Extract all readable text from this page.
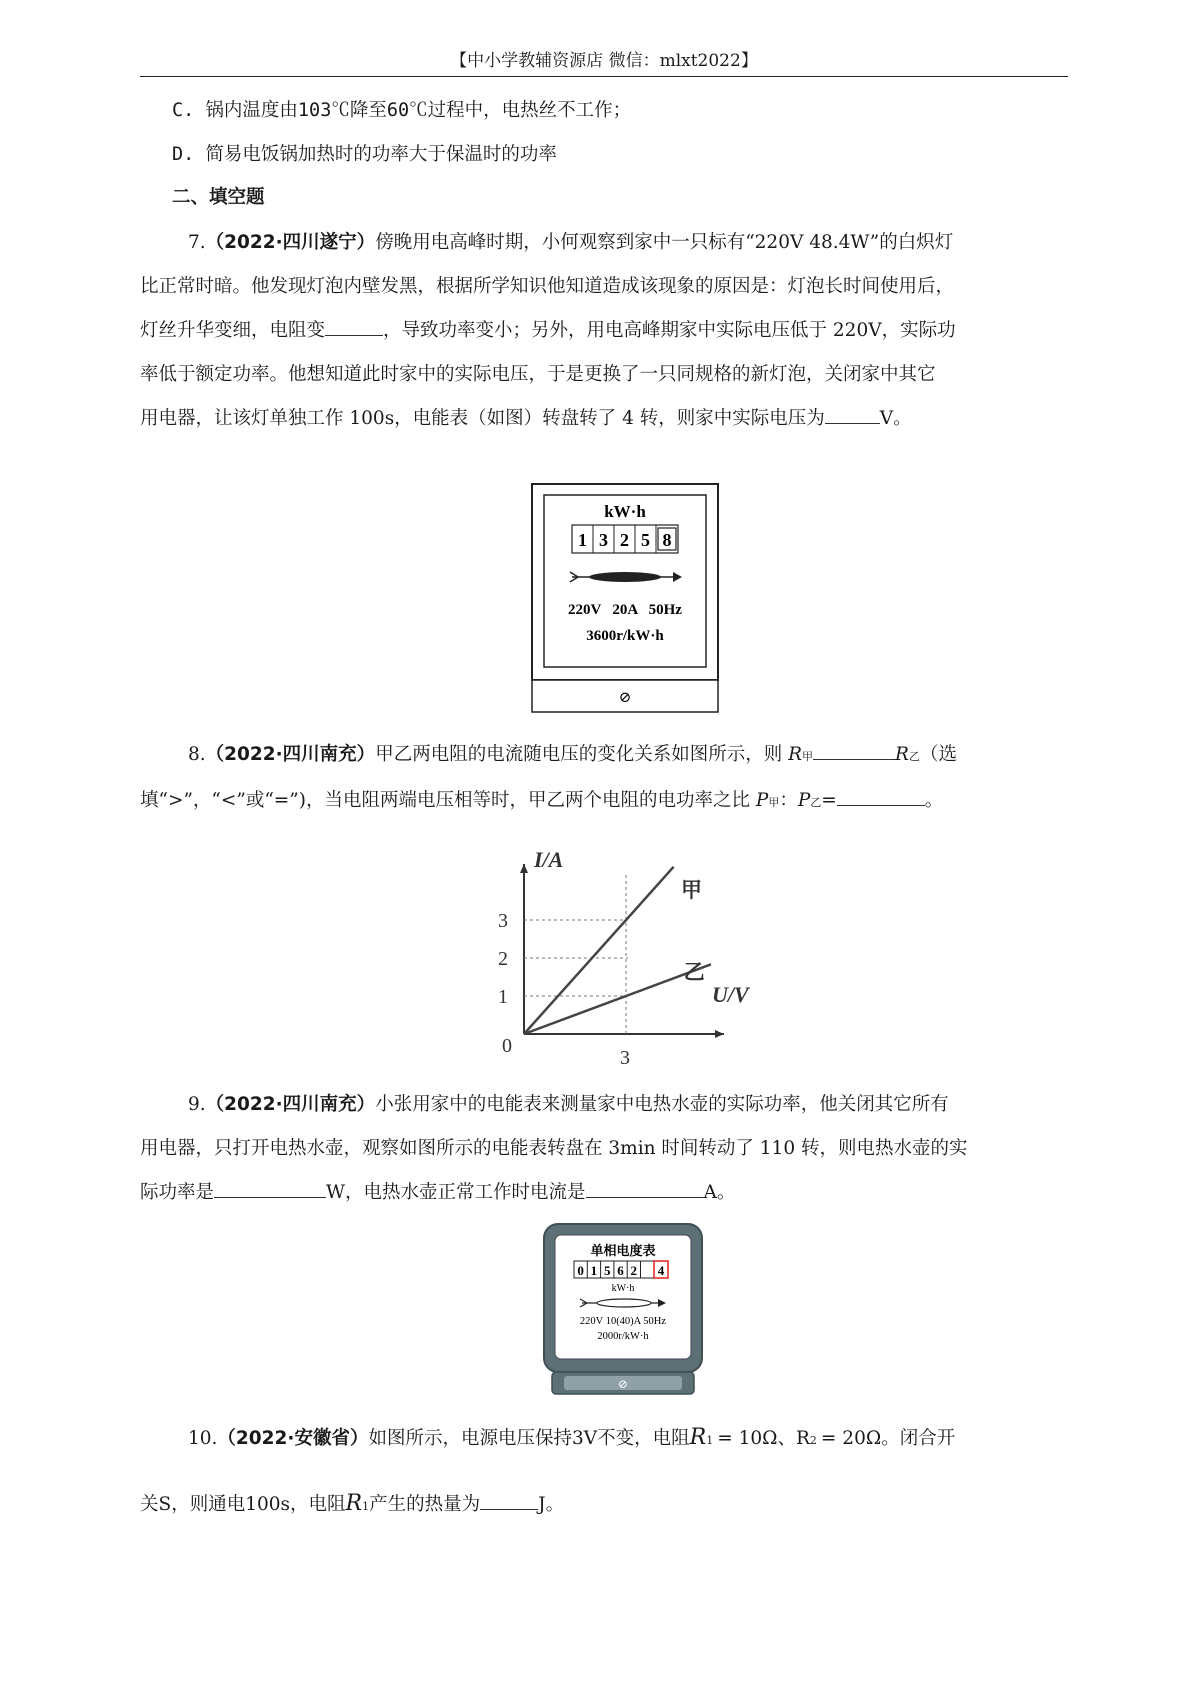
【中小学教辅资源店 微信：mlxt2022】
C. 锅内温度由103℃降至60℃过程中，电热丝不工作；
D. 简易电饭锅加热时的功率大于保温时的功率
二、填空题
7.（2022·四川遂宁）傍晚用电高峰时期，小何观察到家中一只标有“220V 48.4W”的白炽灯
比正常时暗。他发现灯泡内壁发黑，根据所学知识他知道造成该现象的原因是：灯泡长时间使用后，
灯丝升华变细，电阻变	，导致功率变小；另外，用电高峰期家中实际电压低于 220V，实际功
率低于额定功率。他想知道此时家中的实际电压，于是更换了一只同规格的新灯泡，关闭家中其它
用电器，让该灯单独工作 100s，电能表（如图）转盘转了 4 转，则家中实际电压为	V。
kW·h
1 3 2 5 8
220V   20A   50Hz
3600r/kW·h
⊘
8.（2022·四川南充）甲乙两电阻的电流随电压的变化关系如图所示，则 R甲	R乙（选
填“>”，“<”或“=”)，当电阻两端电压相等时，甲乙两个电阻的电功率之比 P甲：P乙=	。
1
2
3
3
I/A
U/V
0
甲
乙
9.（2022·四川南充）小张用家中的电能表来测量家中电热水壶的实际功率，他关闭其它所有
用电器，只打开电热水壶，观察如图所示的电能表转盘在 3min 时间转动了 110 转，则电热水壶的实
际功率是	W，电热水壶正常工作时电流是	A。
单相电度表
0 1 5 6 2 4
kW·h
220V 10(40)A 50Hz
2000r/kW·h
⊘
10.（2022·安徽省）如图所示，电源电压保持3V不变，电阻R1 = 10Ω、R2 = 20Ω。闭合开
关S，则通电100s，电阻R1产生的热量为	J。
